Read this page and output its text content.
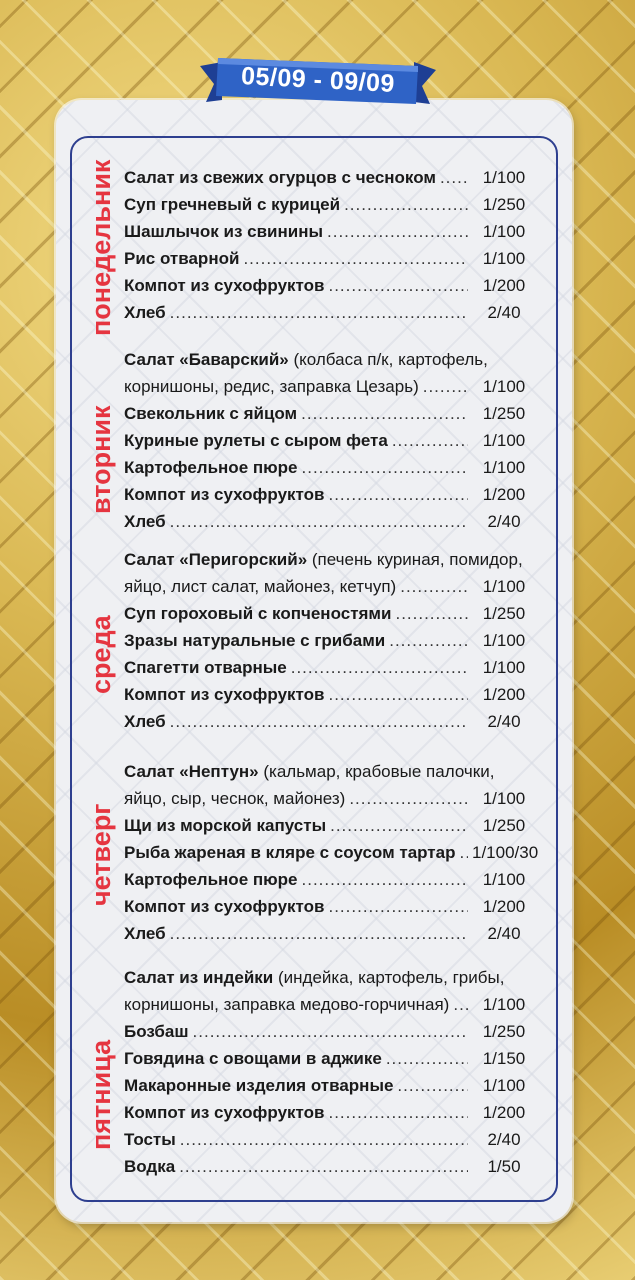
05/09 - 09/09
понедельник
вторник
среда
четверг
пятница
Салат из свежих огурцов с чесноком .....	1/100
Суп гречневый с курицей .....	1/250
Шашлычок из свинины .....	1/100
Рис отварной .....	1/100
Компот из сухофруктов .....	1/200
Хлеб .....	2/40
Салат «Баварский» (колбаса п/к, картофель,
корнишоны, редис, заправка Цезарь) .....	1/100
Свекольник с яйцом .....	1/250
Куриные рулеты с сыром фета .....	1/100
Картофельное пюре .....	1/100
Компот из сухофруктов .....	1/200
Хлеб .....	2/40
Салат «Перигорский» (печень куриная, помидор,
яйцо, лист салат, майонез, кетчуп) .....	1/100
Суп гороховый с копченостями .....	1/250
Зразы натуральные с грибами .....	1/100
Спагетти отварные .....	1/100
Компот из сухофруктов .....	1/200
Хлеб .....	2/40
Салат «Нептун» (кальмар, крабовые палочки,
яйцо, сыр, чеснок, майонез) .....	1/100
Щи из морской капусты .....	1/250
Рыба жареная в кляре с соусом тартар ..... 1/100/30
Картофельное пюре .....	1/100
Компот из сухофруктов .....	1/200
Хлеб .....	2/40
Салат из индейки (индейка, картофель, грибы,
корнишоны, заправка медово-горчичная) .....	1/100
Бозбаш .....	1/250
Говядина с овощами в аджике .....	1/150
Макаронные изделия отварные .....	1/100
Компот из сухофруктов .....	1/200
Тосты .....	2/40
Водка .....	1/50
